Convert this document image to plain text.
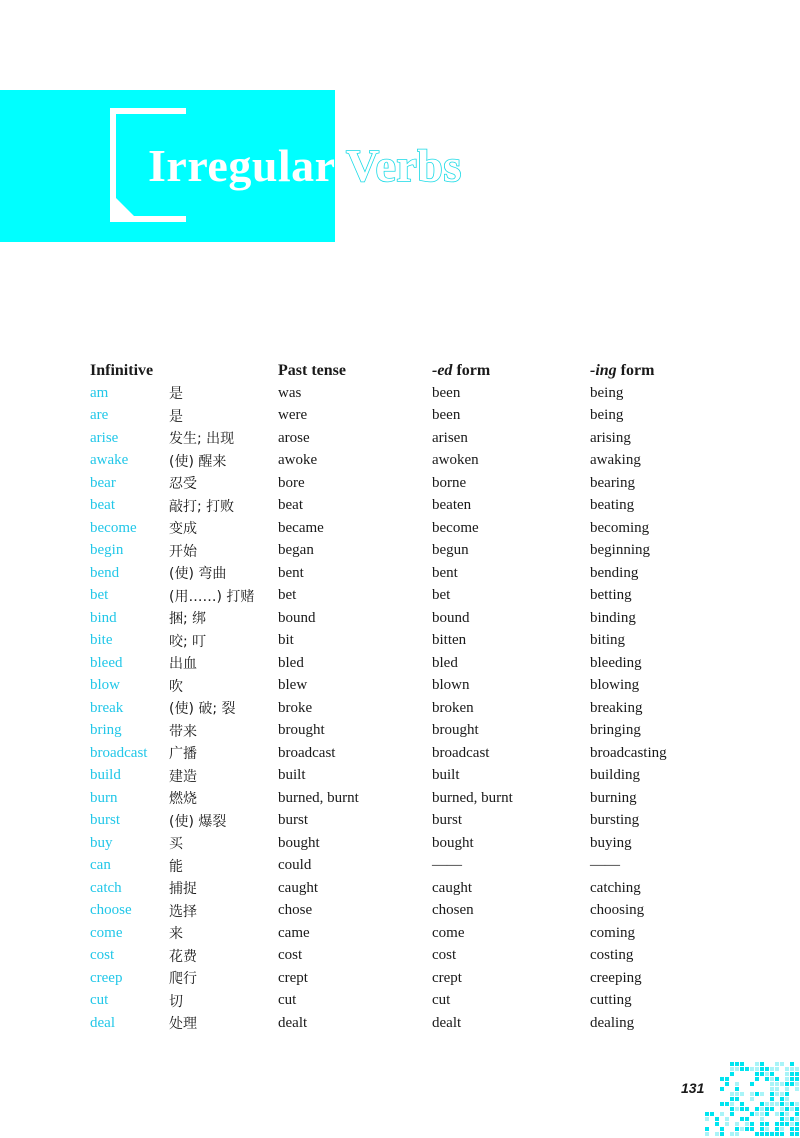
Irregular Verbs
Infinitive		Past tense	-ed form	-ing form
am	是	was	been	being
are	是	were	been	being
arise	发生; 出现	arose	arisen	arising
awake	(使) 醒来	awoke	awoken	awaking
bear	忍受	bore	borne	bearing
beat	敲打; 打败	beat	beaten	beating
become	变成	became	become	becoming
begin	开始	began	begun	beginning
bend	(使) 弯曲	bent	bent	bending
bet	(用……) 打赌	bet	bet	betting
bind	捆; 绑	bound	bound	binding
bite	咬; 叮	bit	bitten	biting
bleed	出血	bled	bled	bleeding
blow	吹	blew	blown	blowing
break	(使) 破; 裂	broke	broken	breaking
bring	带来	brought	brought	bringing
broadcast	广播	broadcast	broadcast	broadcasting
build	建造	built	built	building
burn	燃烧	burned, burnt	burned, burnt	burning
burst	(使) 爆裂	burst	burst	bursting
buy	买	bought	bought	buying
can	能	could	——	——
catch	捕捉	caught	caught	catching
choose	选择	chose	chosen	choosing
come	来	came	come	coming
cost	花费	cost	cost	costing
creep	爬行	crept	crept	creeping
cut	切	cut	cut	cutting
deal	处理	dealt	dealt	dealing
131
